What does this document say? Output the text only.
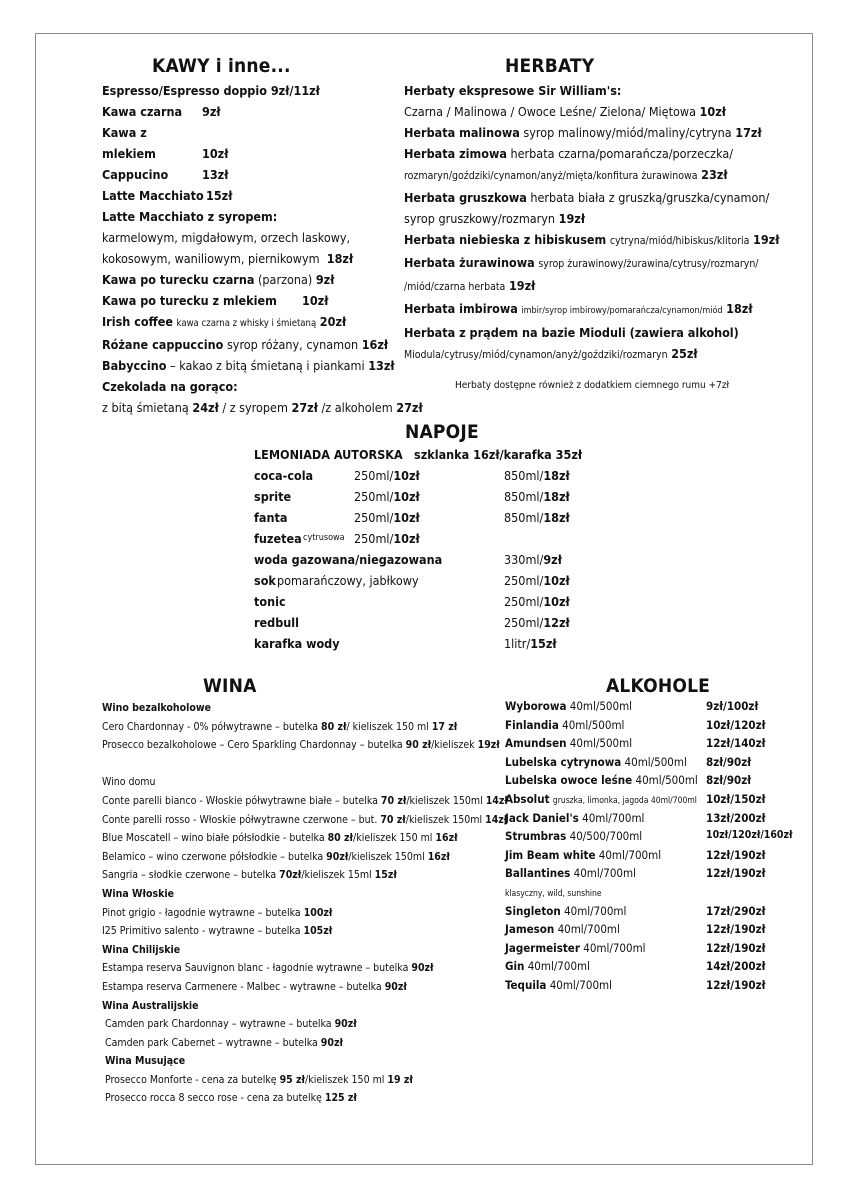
KAWY i inne...
Espresso/Espresso doppio 9zł/11zł
Kawa czarna 9zł
Kawa z mlekiem	10zł
Cappucino	13zł
Latte Macchiato 15zł
Latte Macchiato z syropem:
karmelowym, migdałowym, orzech laskowy,
kokosowym, waniliowym, piernikowym 18zł
Kawa po turecku czarna (parzona) 9zł
Kawa po turecku z mlekiem 10zł
Irish coffee kawa czarna z whisky i śmietaną 20zł
Różane cappuccino syrop różany, cynamon 16zł
Babyccino – kakao z bitą śmietaną i piankami 13zł
Czekolada na gorąco:
z bitą śmietaną 24zł / z syropem 27zł /z alkoholem 27zł
HERBATY
Herbaty ekspresowe Sir William's:
Czarna / Malinowa / Owoce Leśne/ Zielona/ Miętowa 10zł
Herbata malinowa syrop malinowy/miód/maliny/cytryna 17zł
Herbata zimowa herbata czarna/pomarańcza/porzeczka/
rozmaryn/goździki/cynamon/anyż/mięta/konfitura żurawinowa 23zł
Herbata gruszkowa herbata biała z gruszką/gruszka/cynamon/
syrop gruszkowy/rozmaryn 19zł
Herbata niebieska z hibiskusem cytryna/miód/hibiskus/klitoria 19zł
Herbata żurawinowa syrop żurawinowy/żurawina/cytrusy/rozmaryn/
/miód/czarna herbata 19zł
Herbata imbirowa imbir/syrop imbirowy/pomarańcza/cynamon/miód 18zł
Herbata z prądem na bazie Mioduli (zawiera alkohol)
Miodula/cytrusy/miód/cynamon/anyż/goździki/rozmaryn 25zł
Herbaty dostępne również z dodatkiem ciemnego rumu +7zł
NAPOJE
LEMONIADA AUTORSKA szklanka 16zł/karafka 35zł
coca-cola	250ml/10zł	850ml/18zł
sprite	250ml/10zł	850ml/18zł
fanta	250ml/10zł	850ml/18zł
fuzetea cytrusowa 250ml/10zł
woda gazowana/niegazowana	330ml/9zł
sok pomarańczowy, jabłkowy	250ml/10zł
tonic	250ml/10zł
redbull	250ml/12zł
karafka wody	1litr/15zł
WINA
Wino bezalkoholowe
Cero Chardonnay - 0% półwytrawne – butelka 80 zł/ kieliszek 150 ml 17 zł
Prosecco bezalkoholowe – Cero Sparkling Chardonnay – butelka 90 zł/kieliszek 19zł
Wino domu
Conte parelli bianco - Włoskie półwytrawne białe – butelka 70 zł/kieliszek 150ml 14zł
Conte parelli rosso - Włoskie półwytrawne czerwone – but. 70 zł/kieliszek 150ml 14zł
Blue Moscatell – wino białe półsłodkie - butelka 80 zł/kieliszek 150 ml 16zł
Belamico – wino czerwone półsłodkie – butelka 90zł/kieliszek 150ml 16zł
Sangria – słodkie czerwone – butelka 70zł/kieliszek 15ml 15zł
Wina Włoskie
Pinot grigio - łagodnie wytrawne – butelka 100zł
I25 Primitivo salento - wytrawne – butelka 105zł
Wina Chilijskie
Estampa reserva Sauvignon blanc - łagodnie wytrawne – butelka 90zł
Estampa reserva Carmenere - Malbec - wytrawne – butelka 90zł
Wina Australijskie
Camden park Chardonnay – wytrawne – butelka 90zł
Camden park Cabernet – wytrawne – butelka 90zł
Wina Musujące
Prosecco Monforte - cena za butelkę 95 zł/kieliszek 150 ml 19 zł
Prosecco rocca 8 secco rose - cena za butelkę 125 zł
ALKOHOLE
Wyborowa 40ml/500ml	9zł/100zł
Finlandia 40ml/500ml	10zł/120zł
Amundsen 40ml/500ml	12zł/140zł
Lubelska cytrynowa 40ml/500ml 8zł/90zł
Lubelska owoce leśne 40ml/500ml 8zł/90zł
Absolut gruszka, limonka, jagoda 40ml/700ml 10zł/150zł
Jack Daniel's 40ml/700ml	13zł/200zł
Strumbras 40/500/700ml	10zł/120zł/160zł
Jim Beam white 40ml/700ml	12zł/190zł
Ballantines 40ml/700ml	12zł/190zł
klasyczny, wild, sunshine
Singleton 40ml/700ml	17zł/290zł
Jameson 40ml/700ml	12zł/190zł
Jagermeister 40ml/700ml	12zł/190zł
Gin 40ml/700ml	14zł/200zł
Tequila 40ml/700ml	12zł/190zł
